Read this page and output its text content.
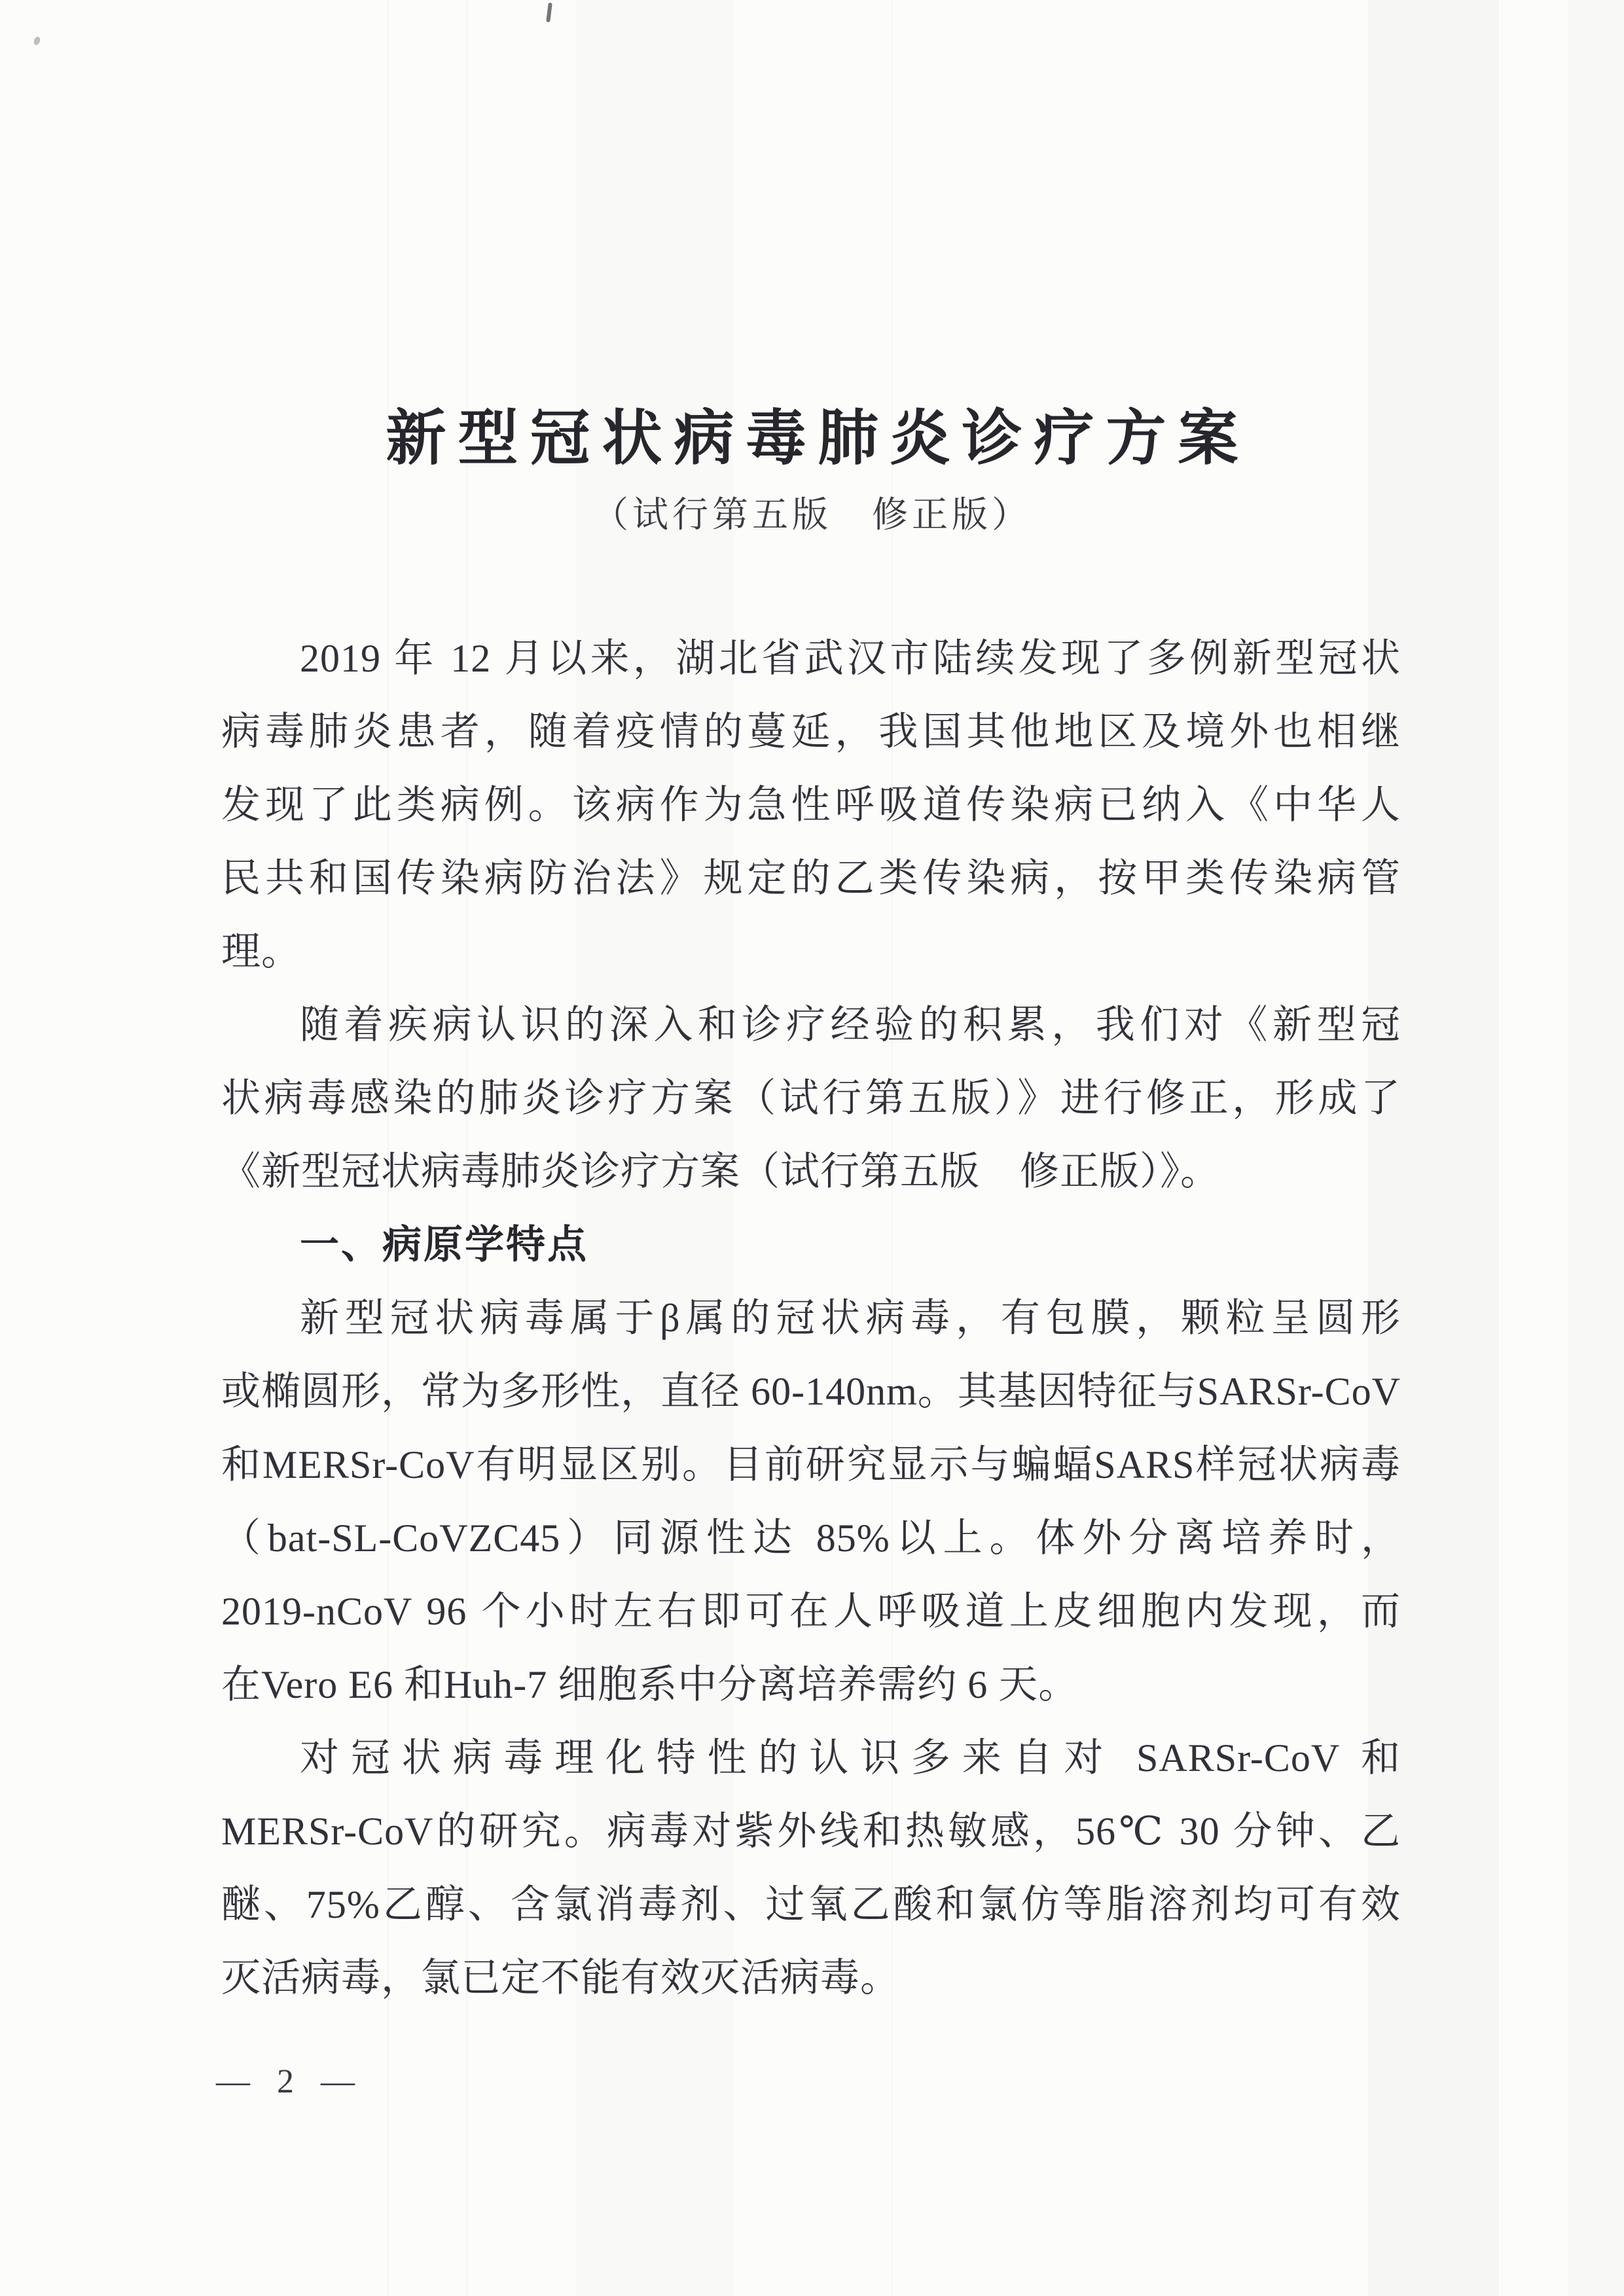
新型冠状病毒肺炎诊疗方案
（试行第五版　修正版）
2019 年 12 月以来，湖北省武汉市陆续发现了多例新型冠状
病毒肺炎患者，随着疫情的蔓延，我国其他地区及境外也相继
发现了此类病例。该病作为急性呼吸道传染病已纳入《中华人
民共和国传染病防治法》规定的乙类传染病，按甲类传染病管
理。
随着疾病认识的深入和诊疗经验的积累，我们对《新型冠
状病毒感染的肺炎诊疗方案（试行第五版）》进行修正，形成了
《新型冠状病毒肺炎诊疗方案（试行第五版　修正版）》。
一、病原学特点
新型冠状病毒属于β属的冠状病毒，有包膜，颗粒呈圆形
或椭圆形，常为多形性，直径 60-140nm。其基因特征与SARSr-CoV
和MERSr-CoV有明显区别。目前研究显示与蝙蝠SARS样冠状病毒
（bat-SL-CoVZC45）同源性达 85%以上。体外分离培养时，
2019-nCoV 96 个小时左右即可在人呼吸道上皮细胞内发现，而
在Vero E6 和Huh-7 细胞系中分离培养需约 6 天。
对冠状病毒理化特性的认识多来自对 SARSr-CoV 和
MERSr-CoV的研究。病毒对紫外线和热敏感，56℃ 30 分钟、乙
醚、75%乙醇、含氯消毒剂、过氧乙酸和氯仿等脂溶剂均可有效
灭活病毒，氯已定不能有效灭活病毒。
— 2 —
